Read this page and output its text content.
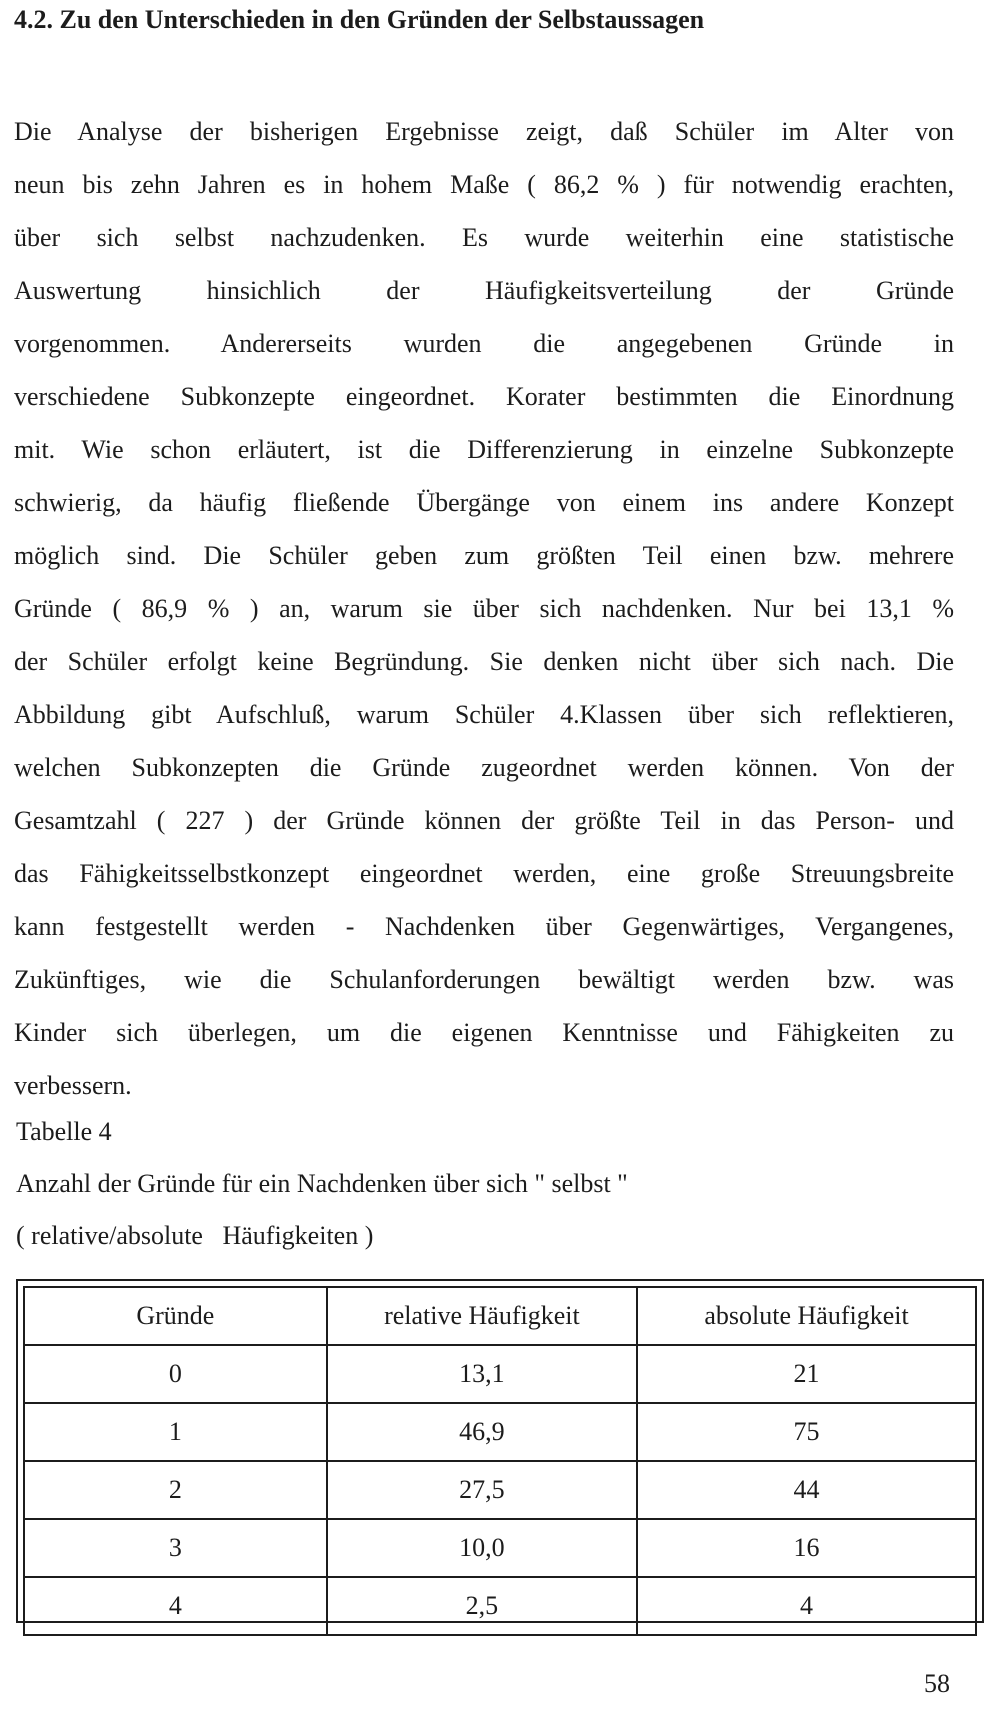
4.2. Zu den Unterschieden in den Gründen der Selbstaussagen
Die Analyse der bisherigen Ergebnisse zeigt, daß Schüler im Alter von
neun bis zehn Jahren es in hohem Maße ( 86,2 % ) für notwendig erachten,
über sich selbst nachzudenken. Es wurde weiterhin eine statistische
Auswertung hinsichlich der Häufigkeitsverteilung der Gründe
vorgenommen. Andererseits wurden die angegebenen Gründe in
verschiedene Subkonzepte eingeordnet. Korater bestimmten die Einordnung
mit. Wie schon erläutert, ist die Differenzierung in einzelne Subkonzepte
schwierig, da häufig fließende Übergänge von einem ins andere Konzept
möglich sind. Die Schüler geben zum größten Teil einen bzw. mehrere
Gründe ( 86,9 % ) an, warum sie über sich nachdenken. Nur bei 13,1 %
der Schüler erfolgt keine Begründung. Sie denken nicht über sich nach. Die
Abbildung gibt Aufschluß, warum Schüler 4.Klassen über sich reflektieren,
welchen Subkonzepten die Gründe zugeordnet werden können. Von der
Gesamtzahl ( 227 ) der Gründe können der größte Teil in das Person- und
das Fähigkeitsselbstkonzept eingeordnet werden, eine große Streuungsbreite
kann festgestellt werden - Nachdenken über Gegenwärtiges, Vergangenes,
Zukünftiges, wie die Schulanforderungen bewältigt werden bzw. was
Kinder sich überlegen, um die eigenen Kenntnisse und Fähigkeiten zu
verbessern.

Tabelle 4

Anzahl der Gründe für ein Nachdenken über sich " selbst "

( relative/absolute   Häufigkeiten )

Gründe	relative Häufigkeit	absolute Häufigkeit
0	13,1	21
1	46,9	75
2	27,5	44
3	10,0	16
4	2,5	4
58
